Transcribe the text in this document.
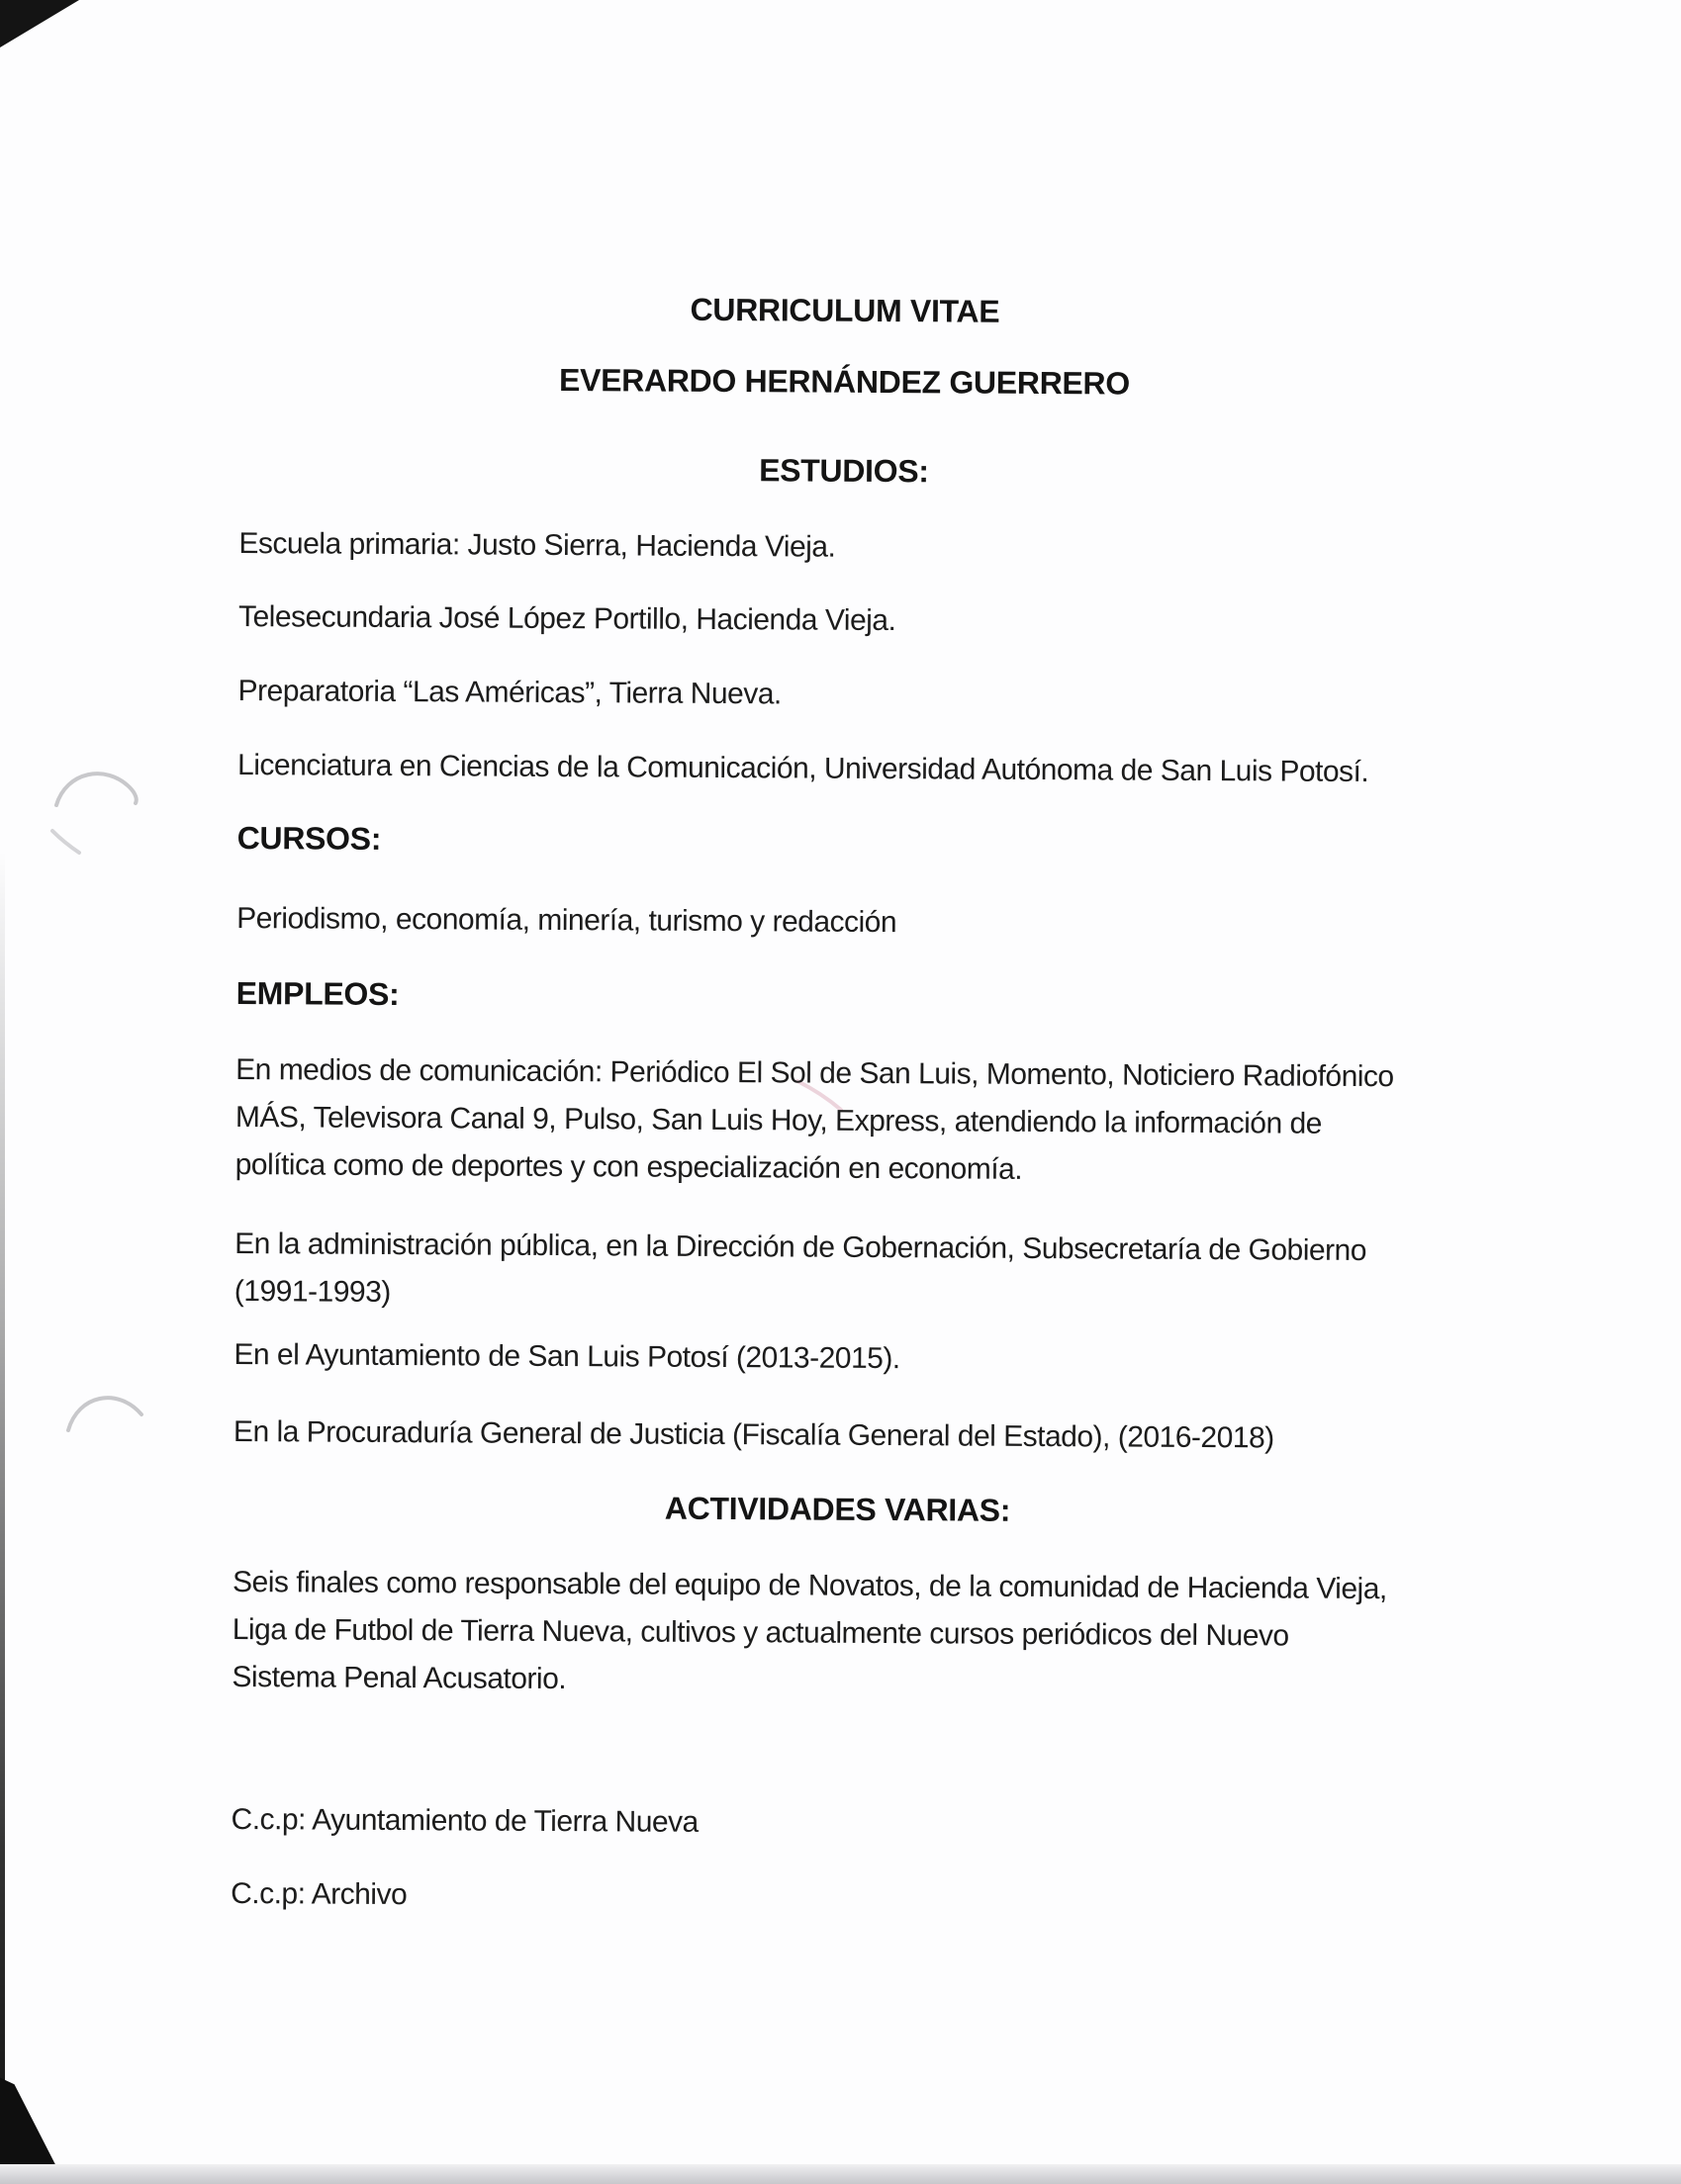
CURRICULUM VITAE
EVERARDO HERNÁNDEZ GUERRERO
ESTUDIOS:
Escuela primaria: Justo Sierra, Hacienda Vieja.
Telesecundaria José López Portillo, Hacienda Vieja.
Preparatoria “Las Américas”, Tierra Nueva.
Licenciatura en Ciencias de la Comunicación, Universidad Autónoma de San Luis Potosí.
CURSOS:
Periodismo, economía, minería, turismo y redacción
EMPLEOS:
En medios de comunicación: Periódico El Sol de San Luis, Momento, Noticiero Radiofónico
MÁS, Televisora Canal 9, Pulso, San Luis Hoy, Express, atendiendo la información de
política como de deportes y con especialización en economía.
En la administración pública, en la Dirección de Gobernación, Subsecretaría de Gobierno
(1991-1993)
En el Ayuntamiento de San Luis Potosí (2013-2015).
En la Procuraduría General de Justicia (Fiscalía General del Estado), (2016-2018)
ACTIVIDADES VARIAS:
Seis finales como responsable del equipo de Novatos, de la comunidad de Hacienda Vieja,
Liga de Futbol de Tierra Nueva, cultivos y actualmente cursos periódicos del Nuevo
Sistema Penal Acusatorio.
C.c.p: Ayuntamiento de Tierra Nueva
C.c.p: Archivo
